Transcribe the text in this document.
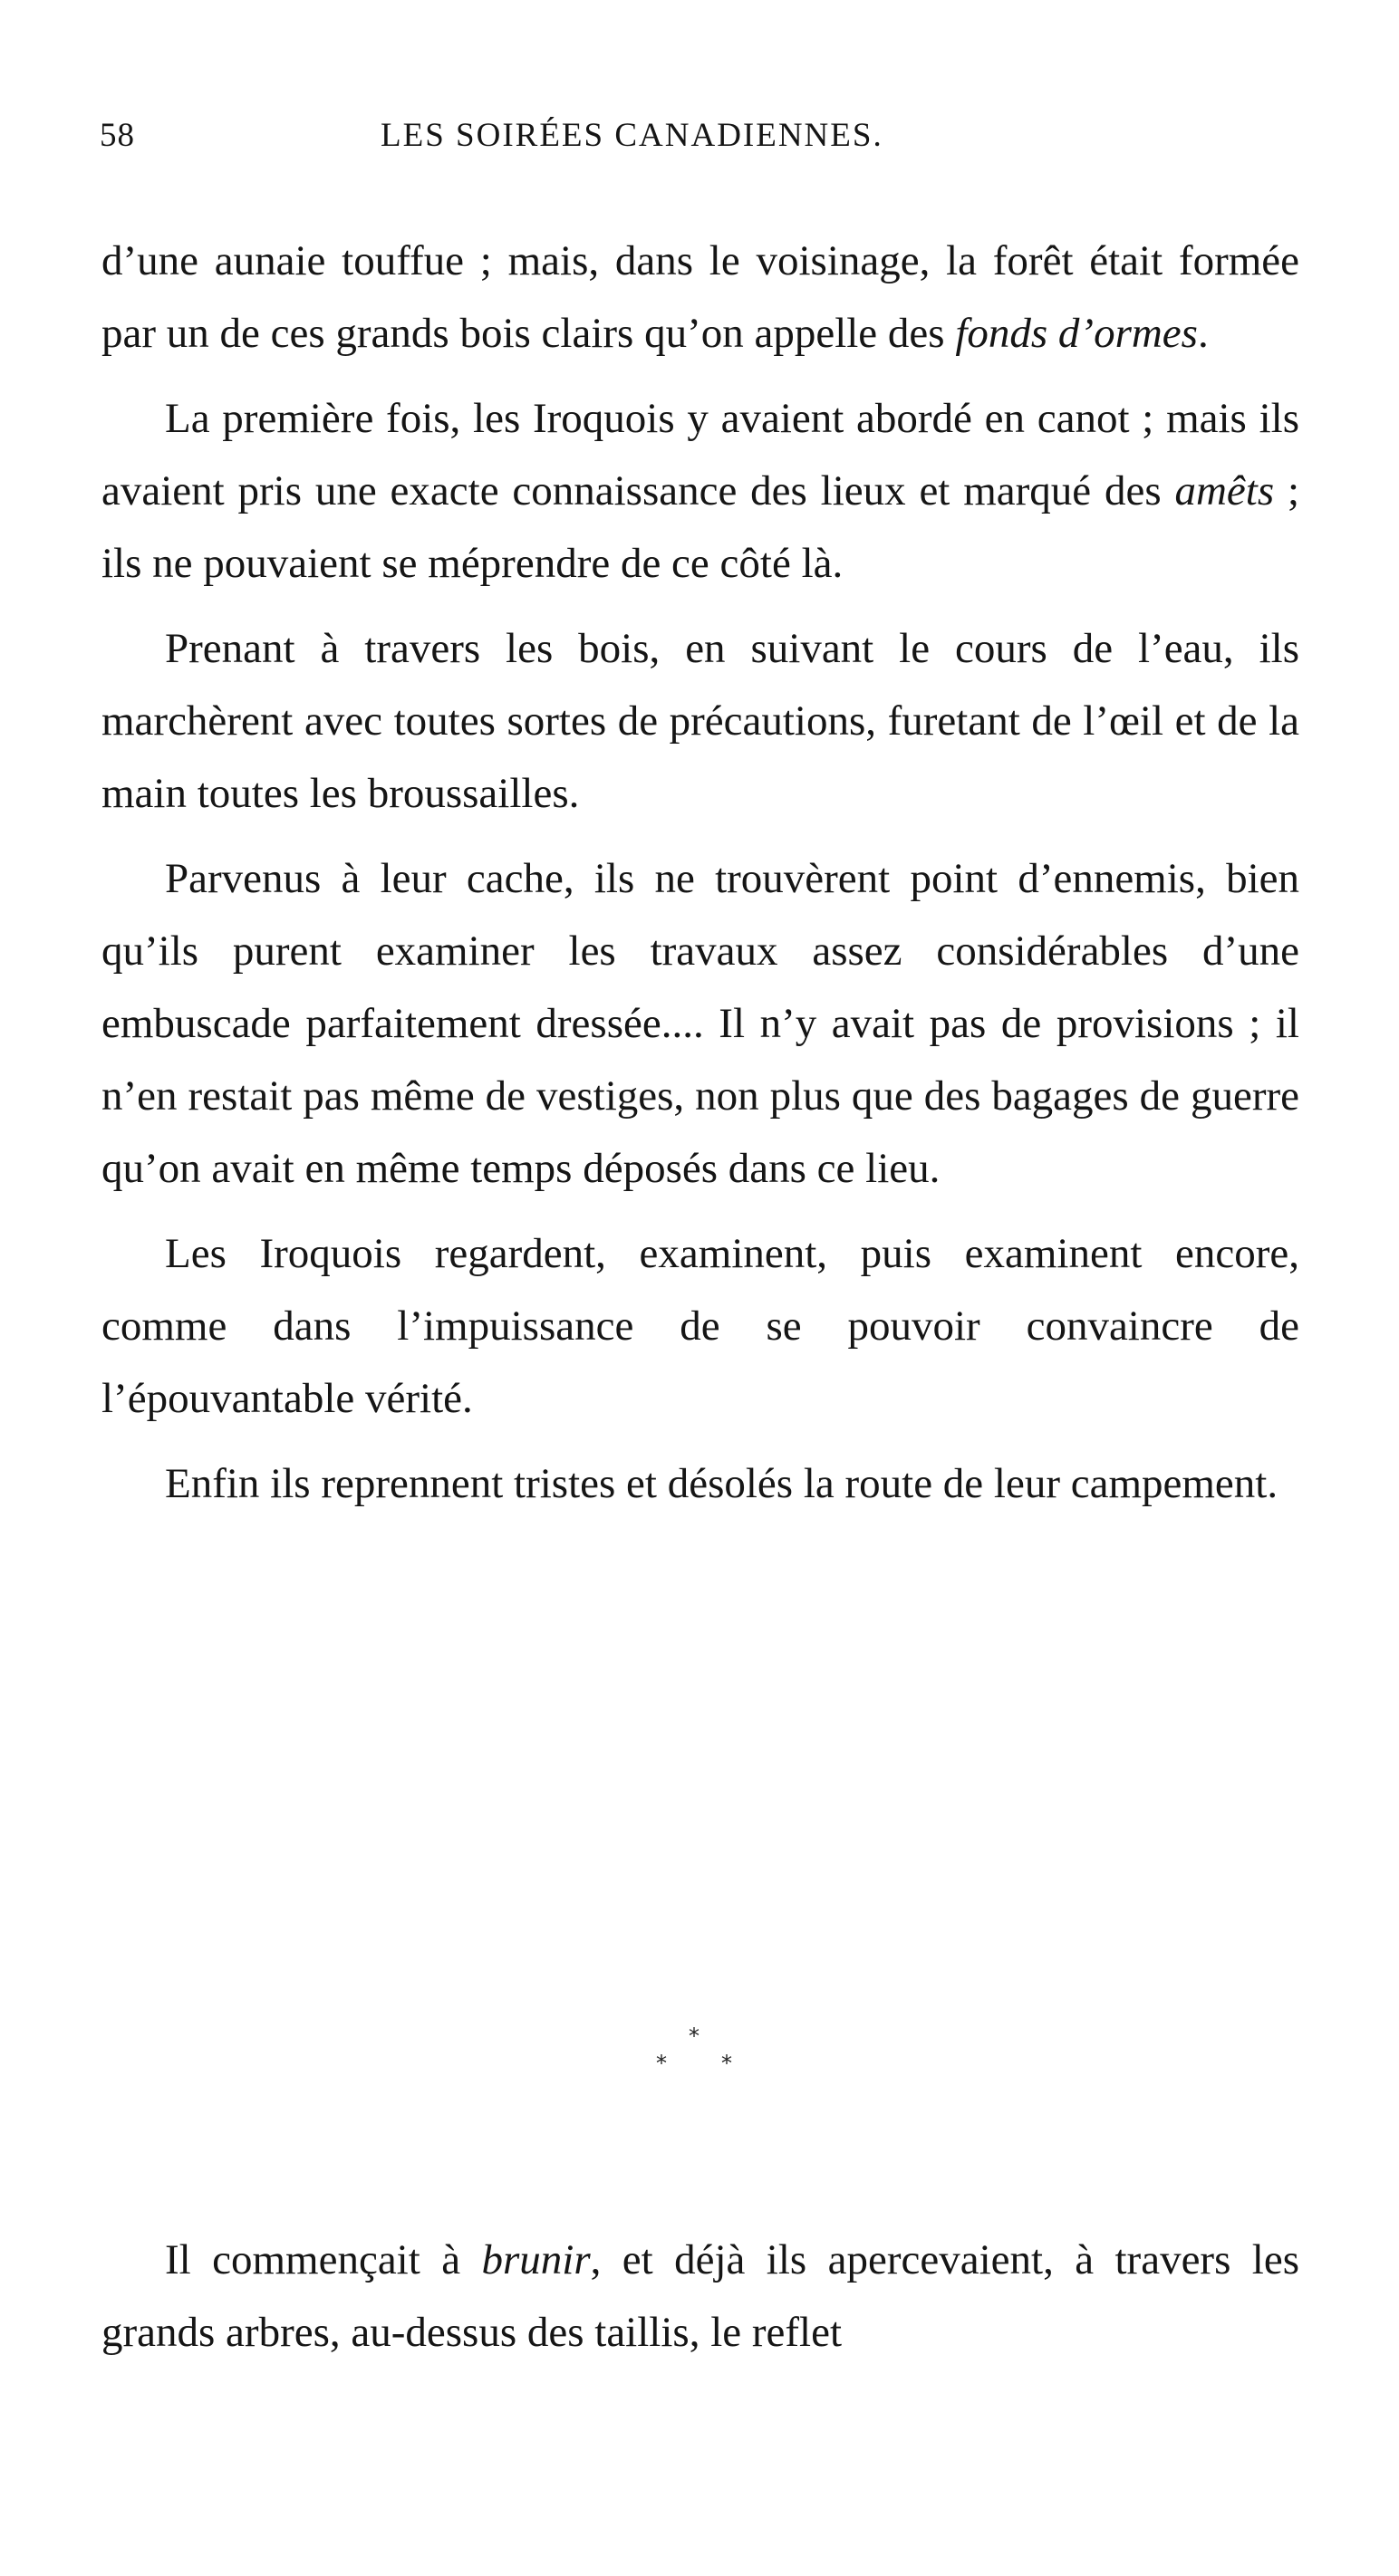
58	LES SOIRÉES CANADIENNES.

d’une aunaie touffue ; mais, dans le voisinage, la forêt était formée par un de ces grands bois clairs qu’on appelle des fonds d’ormes.

La première fois, les Iroquois y avaient abordé en canot ; mais ils avaient pris une exacte connaissance des lieux et marqué des amêts ; ils ne pouvaient se méprendre de ce côté là.

Prenant à travers les bois, en suivant le cours de l’eau, ils marchèrent avec toutes sortes de précautions, furetant de l’œil et de la main toutes les broussailles.

Parvenus à leur cache, ils ne trouvèrent point d’ennemis, bien qu’ils purent examiner les travaux assez considérables d’une embuscade parfaitement dressée.... Il n’y avait pas de provisions ; il n’en restait pas même de vestiges, non plus que des bagages de guerre qu’on avait en même temps déposés dans ce lieu.

Les Iroquois regardent, examinent, puis examinent encore, comme dans l’impuissance de se pouvoir convaincre de l’épouvantable vérité.

Enfin ils reprennent tristes et désolés la route de leur campement.

*
*	*

Il commençait à brunir, et déjà ils apercevaient, à travers les grands arbres, au-dessus des taillis, le reflet
